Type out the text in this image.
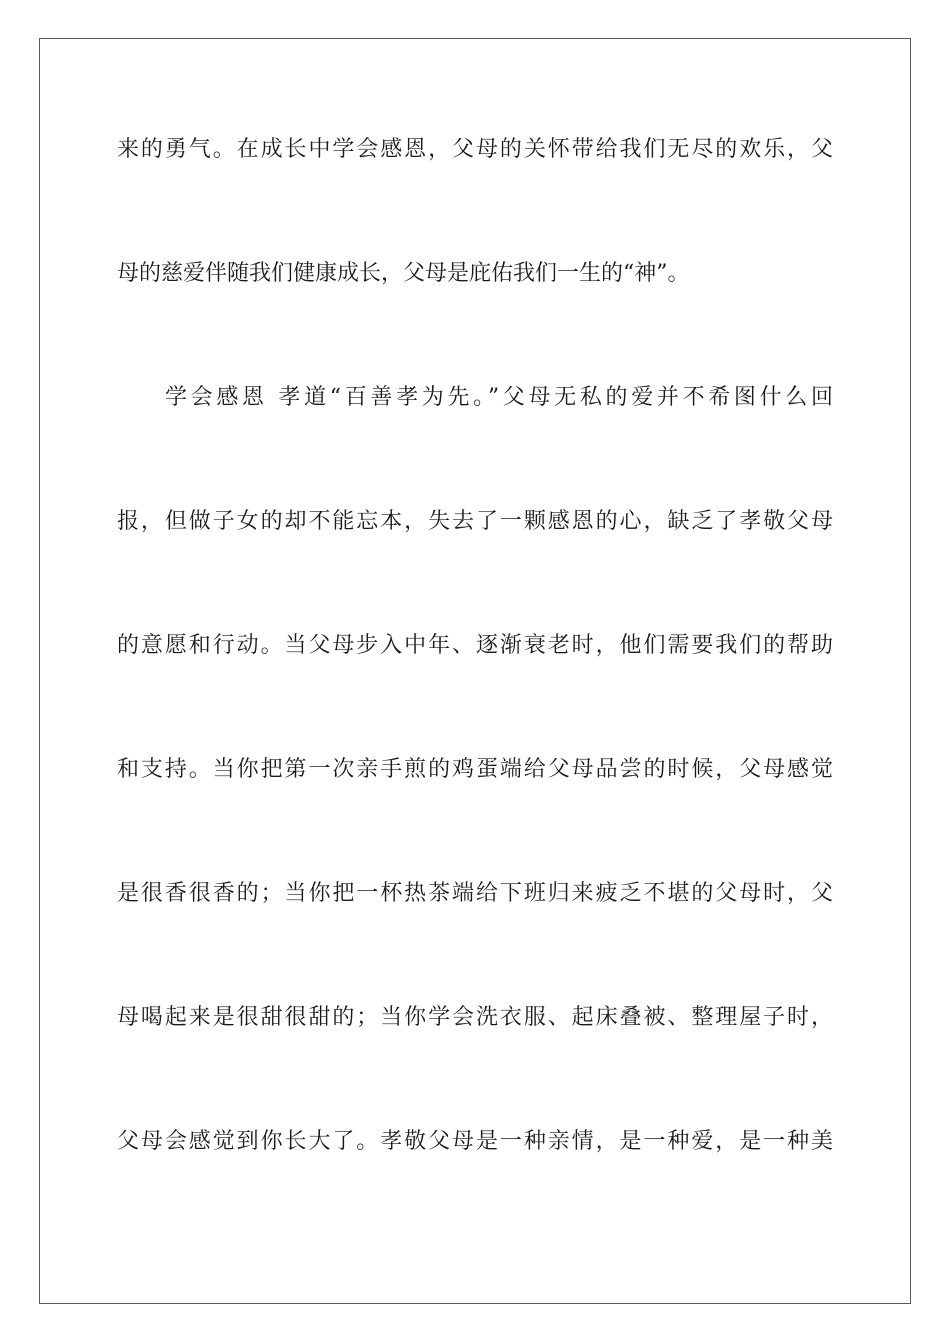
来的勇气。在成长中学会感恩，父母的关怀带给我们无尽的欢乐，父
母的慈爱伴随我们健康成长，父母是庇佑我们一生的“神”。
学会感恩 孝道“百善孝为先。”父母无私的爱并不希图什么回
报，但做子女的却不能忘本，失去了一颗感恩的心，缺乏了孝敬父母
的意愿和行动。当父母步入中年、逐渐衰老时，他们需要我们的帮助
和支持。当你把第一次亲手煎的鸡蛋端给父母品尝的时候，父母感觉
是很香很香的；当你把一杯热茶端给下班归来疲乏不堪的父母时，父
母喝起来是很甜很甜的；当你学会洗衣服、起床叠被、整理屋子时，
父母会感觉到你长大了。孝敬父母是一种亲情，是一种爱，是一种美
